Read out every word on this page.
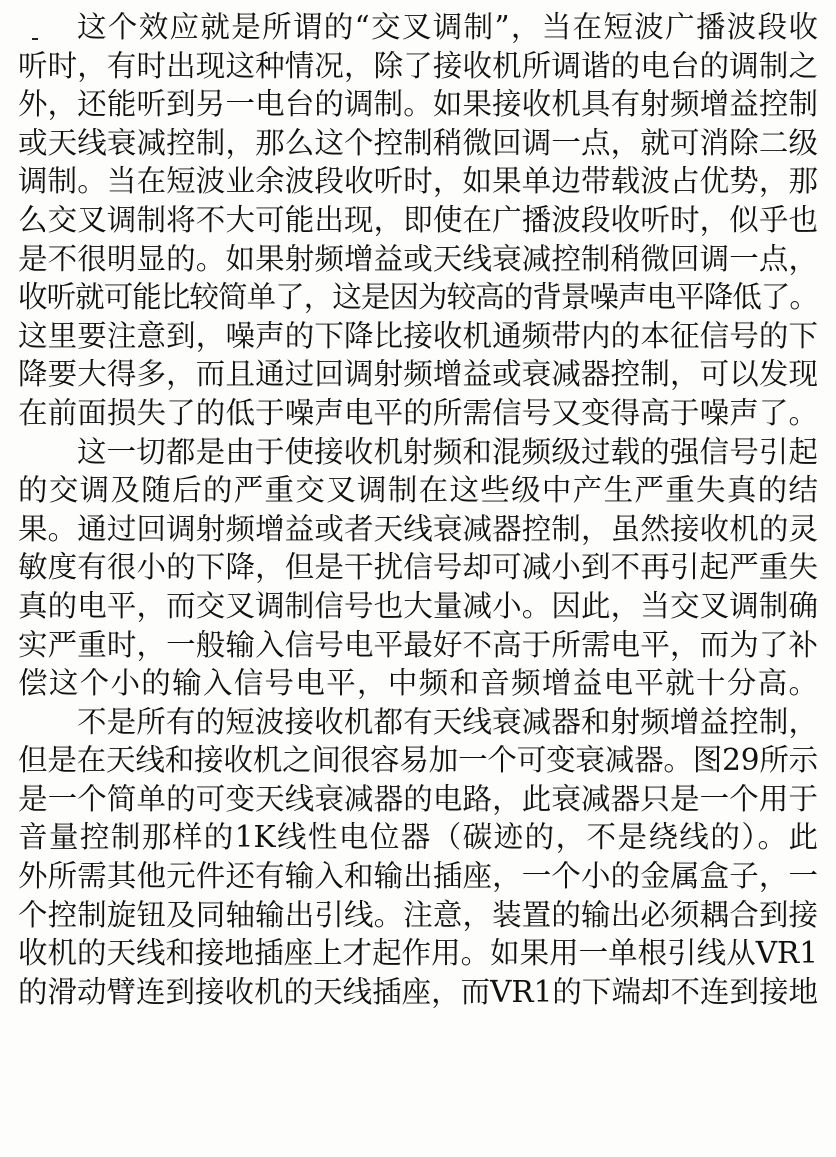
这个效应就是所谓的“交叉调制”，当在短波广播波段收
听时，有时出现这种情况，除了接收机所调谐的电台的调制之
外，还能听到另一电台的调制。如果接收机具有射频增益控制
或天线衰减控制，那么这个控制稍微回调一点，就可消除二级
调制。当在短波业余波段收听时，如果单边带载波占优势，那
么交叉调制将不大可能出现，即使在广播波段收听时，似乎也
是不很明显的。如果射频增益或天线衰减控制稍微回调一点，
收听就可能比较简单了，这是因为较高的背景噪声电平降低了。
这里要注意到，噪声的下降比接收机通频带内的本征信号的下
降要大得多，而且通过回调射频增益或衰减器控制，可以发现
在前面损失了的低于噪声电平的所需信号又变得高于噪声了。
这一切都是由于使接收机射频和混频级过载的强信号引起
的交调及随后的严重交叉调制在这些级中产生严重失真的结
果。通过回调射频增益或者天线衰减器控制，虽然接收机的灵
敏度有很小的下降，但是干扰信号却可减小到不再引起严重失
真的电平，而交叉调制信号也大量减小。因此，当交叉调制确
实严重时，一般输入信号电平最好不高于所需电平，而为了补
偿这个小的输入信号电平，中频和音频增益电平就十分高。
不是所有的短波接收机都有天线衰减器和射频增益控制，
但是在天线和接收机之间很容易加一个可变衰减器。图29所示
是一个简单的可变天线衰减器的电路，此衰减器只是一个用于
音量控制那样的1K线性电位器（碳迹的，不是绕线的）。此
外所需其他元件还有输入和输出插座，一个小的金属盒子，一
个控制旋钮及同轴输出引线。注意，装置的输出必须耦合到接
收机的天线和接地插座上才起作用。如果用一单根引线从VR1
的滑动臂连到接收机的天线插座，而VR1的下端却不连到接地
